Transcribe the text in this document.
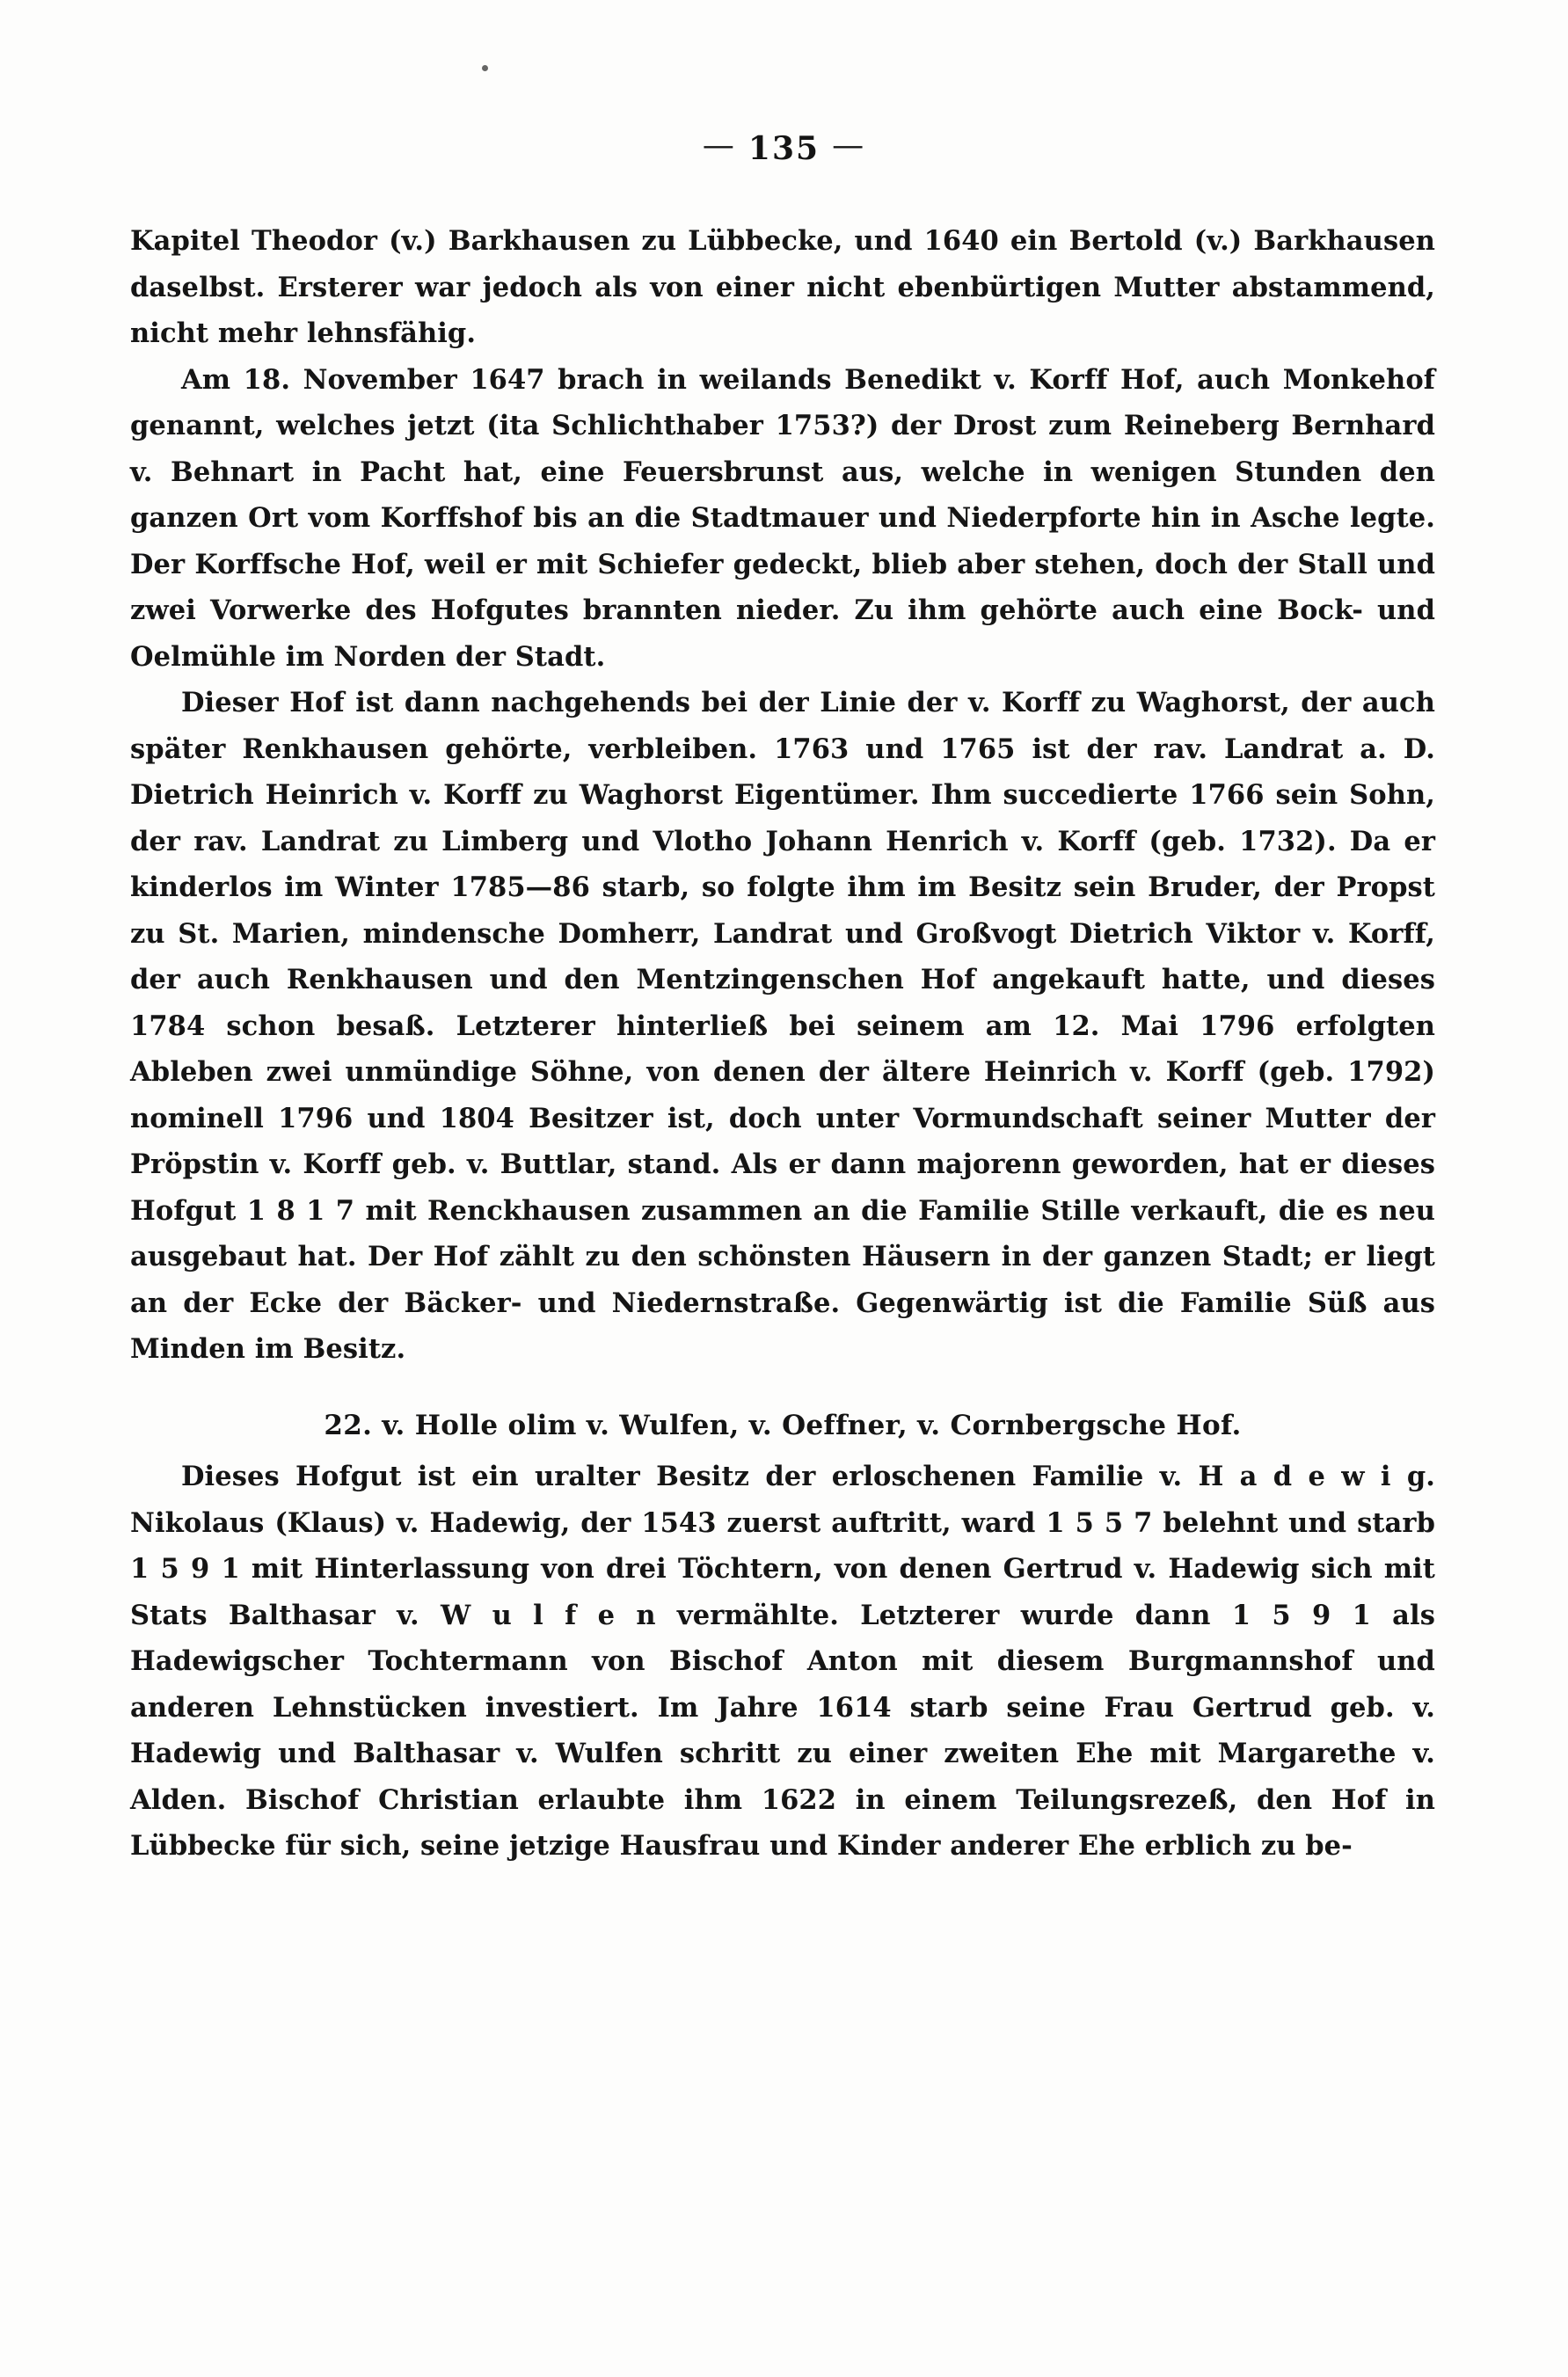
— 135 —

Kapitel Theodor (v.) Barkhausen zu Lübbecke, und 1640 ein Bertold (v.) Barkhausen daselbst. Ersterer war jedoch als von einer nicht ebenbürtigen Mutter abstammend, nicht mehr lehnsfähig.

Am 18. November 1647 brach in weilands Benedikt v. Korff Hof, auch Monkehof genannt, welches jetzt (ita Schlichthaber 1753?) der Drost zum Reineberg Bernhard v. Behnart in Pacht hat, eine Feuersbrunst aus, welche in wenigen Stunden den ganzen Ort vom Korffshof bis an die Stadtmauer und Niederpforte hin in Asche legte. Der Korffsche Hof, weil er mit Schiefer gedeckt, blieb aber stehen, doch der Stall und zwei Vorwerke des Hofgutes brannten nieder. Zu ihm gehörte auch eine Bock- und Oelmühle im Norden der Stadt.

Dieser Hof ist dann nachgehends bei der Linie der v. Korff zu Waghorst, der auch später Renkhausen gehörte, verbleiben. 1763 und 1765 ist der rav. Landrat a. D. Dietrich Heinrich v. Korff zu Waghorst Eigentümer. Ihm succedierte 1766 sein Sohn, der rav. Landrat zu Limberg und Vlotho Johann Henrich v. Korff (geb. 1732). Da er kinderlos im Winter 1785—86 starb, so folgte ihm im Besitz sein Bruder, der Propst zu St. Marien, mindensche Domherr, Landrat und Großvogt Dietrich Viktor v. Korff, der auch Renkhausen und den Mentzingenschen Hof angekauft hatte, und dieses 1784 schon besaß. Letzterer hinterließ bei seinem am 12. Mai 1796 erfolgten Ableben zwei unmündige Söhne, von denen der ältere Heinrich v. Korff (geb. 1792) nominell 1796 und 1804 Besitzer ist, doch unter Vormundschaft seiner Mutter der Pröpstin v. Korff geb. v. Buttlar, stand. Als er dann majorenn geworden, hat er dieses Hofgut 1 8 1 7 mit Renckhausen zusammen an die Familie Stille verkauft, die es neu ausgebaut hat. Der Hof zählt zu den schönsten Häusern in der ganzen Stadt; er liegt an der Ecke der Bäcker- und Niedernstraße. Gegenwärtig ist die Familie Süß aus Minden im Besitz.

22. v. Holle olim v. Wulfen, v. Oeffner, v. Cornbergsche Hof.

Dieses Hofgut ist ein uralter Besitz der erloschenen Familie v. H a d e w i g. Nikolaus (Klaus) v. Hadewig, der 1543 zuerst auftritt, ward 1 5 5 7 belehnt und starb 1 5 9 1 mit Hinterlassung von drei Töchtern, von denen Gertrud v. Hadewig sich mit Stats Balthasar v. W u l f e n vermählte. Letzterer wurde dann 1 5 9 1 als Hadewigscher Tochtermann von Bischof Anton mit diesem Burgmannshof und anderen Lehnstücken investiert. Im Jahre 1614 starb seine Frau Gertrud geb. v. Hadewig und Balthasar v. Wulfen schritt zu einer zweiten Ehe mit Margarethe v. Alden. Bischof Christian erlaubte ihm 1622 in einem Teilungsrezeß, den Hof in Lübbecke für sich, seine jetzige Hausfrau und Kinder anderer Ehe erblich zu be-
